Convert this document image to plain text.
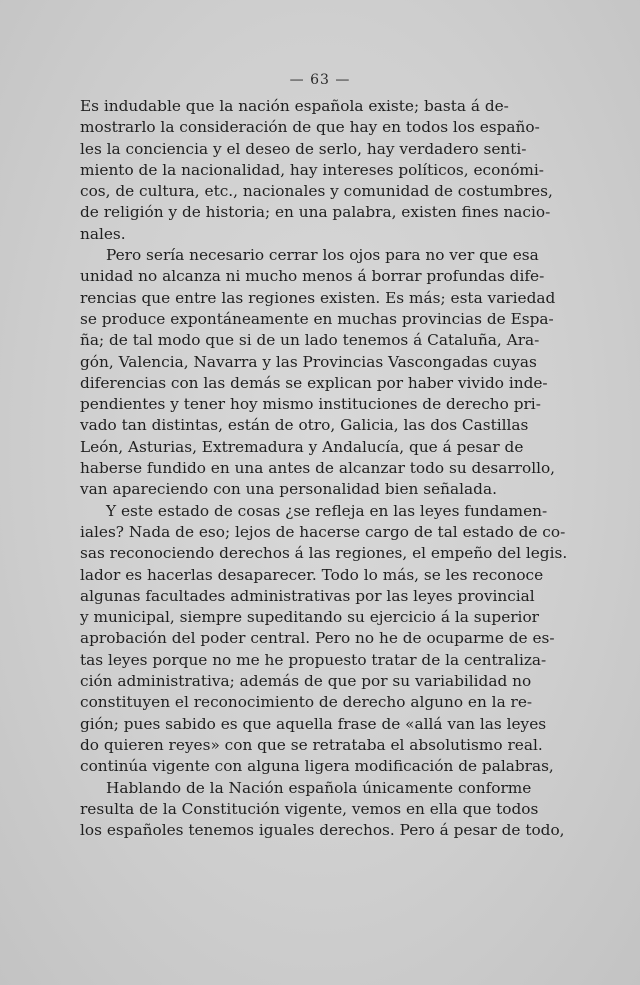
— 63 —
Es indudable que la nación española existe; basta á de-
mostrarlo la consideración de que hay en todos los españo-
les la conciencia y el deseo de serlo, hay verdadero senti-
miento de la nacionalidad, hay intereses políticos, económi-
cos, de cultura, etc., nacionales y comunidad de costumbres,
de religión y de historia; en una palabra, existen fines nacio-
nales.
Pero sería necesario cerrar los ojos para no ver que esa
unidad no alcanza ni mucho menos á borrar profundas dife-
rencias que entre las regiones existen. Es más; esta variedad
se produce expontáneamente en muchas provincias de Espa-
ña; de tal modo que si de un lado tenemos á Cataluña, Ara-
gón, Valencia, Navarra y las Provincias Vascongadas cuyas
diferencias con las demás se explican por haber vivido inde-
pendientes y tener hoy mismo instituciones de derecho pri-
vado tan distintas, están de otro, Galicia, las dos Castillas
León, Asturias, Extremadura y Andalucía, que á pesar de
haberse fundido en una antes de alcanzar todo su desarrollo,
van apareciendo con una personalidad bien señalada.
Y este estado de cosas ¿se refleja en las leyes fundamen-
iales? Nada de eso; lejos de hacerse cargo de tal estado de co-
sas reconociendo derechos á las regiones, el empeño del legis.
lador es hacerlas desaparecer. Todo lo más, se les reconoce
algunas facultades administrativas por las leyes provincial
y municipal, siempre supeditando su ejercicio á la superior
aprobación del poder central. Pero no he de ocuparme de es-
tas leyes porque no me he propuesto tratar de la centraliza-
ción administrativa; además de que por su variabilidad no
constituyen el reconocimiento de derecho alguno en la re-
gión; pues sabido es que aquella frase de «allá van las leyes
do quieren reyes» con que se retrataba el absolutismo real.
continúa vigente con alguna ligera modificación de palabras,
Hablando de la Nación española únicamente conforme
resulta de la Constitución vigente, vemos en ella que todos
los españoles tenemos iguales derechos. Pero á pesar de todo,
